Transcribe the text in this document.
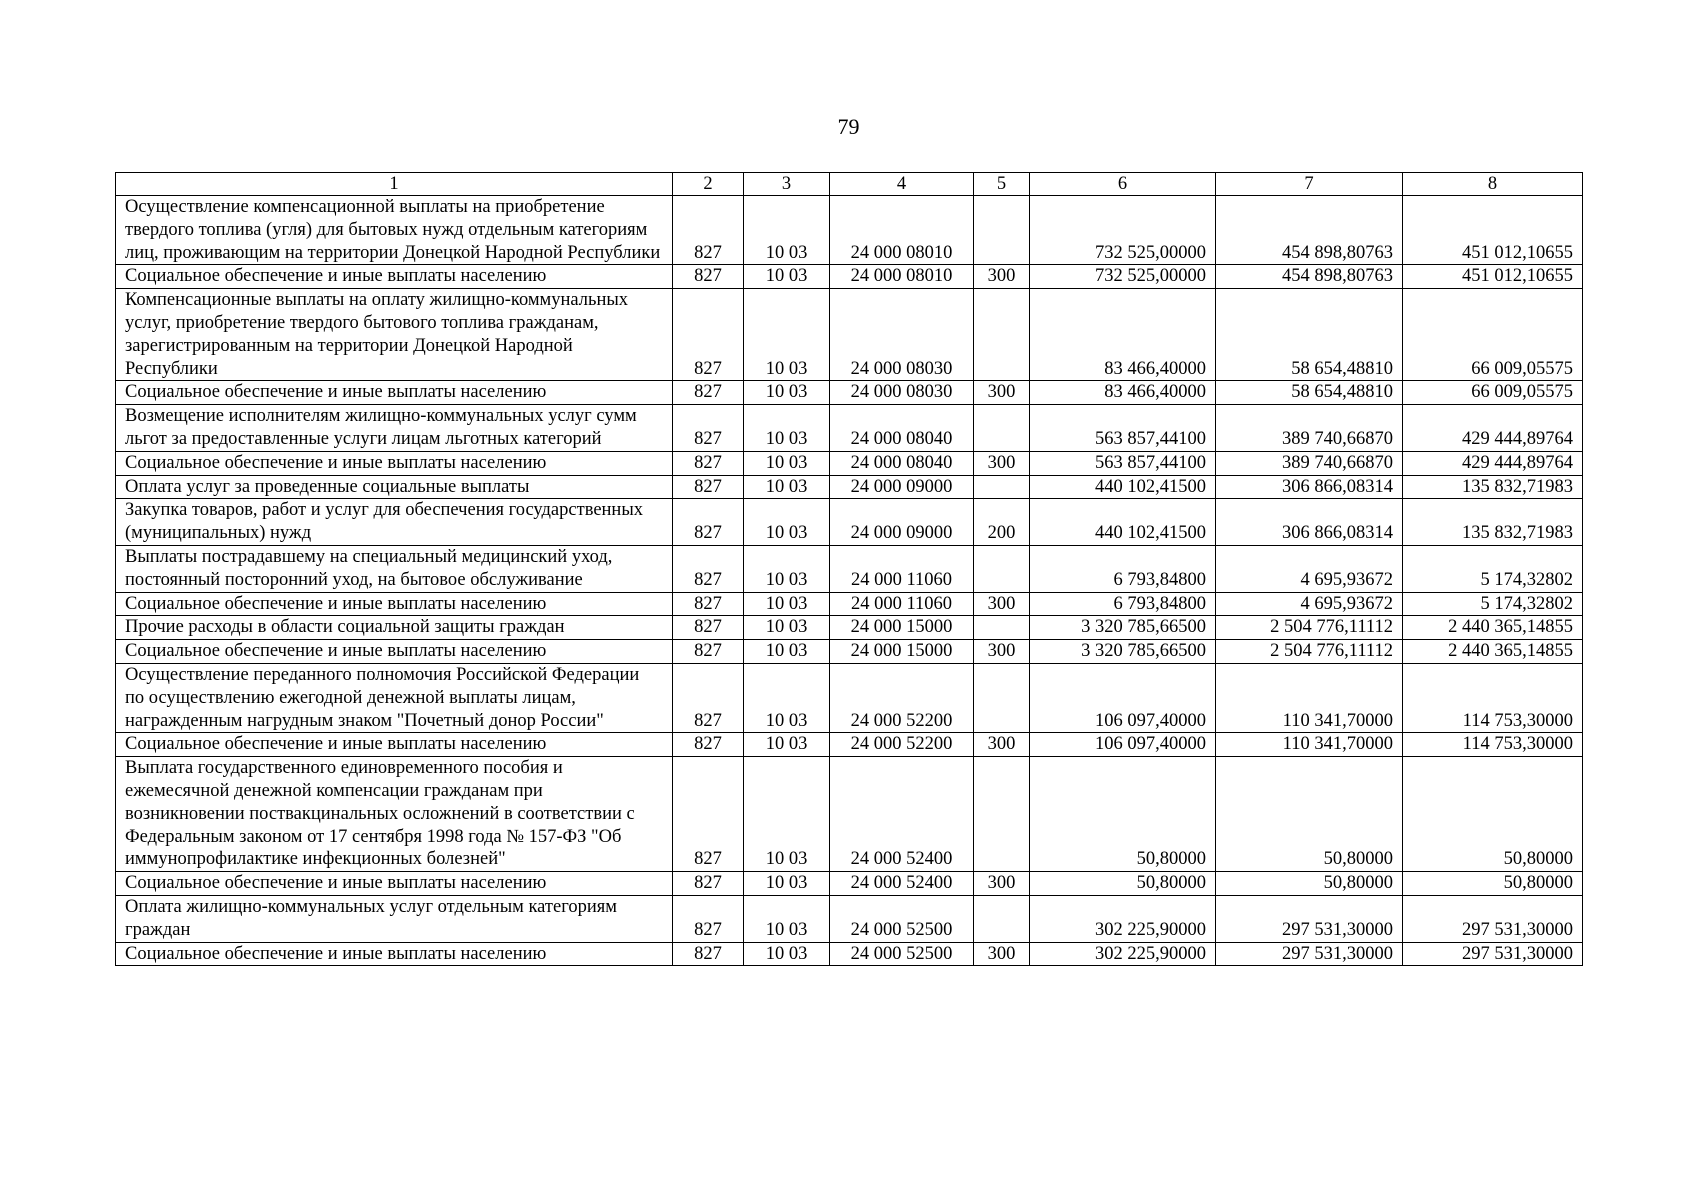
79
1	2	3	4	5	6	7	8
Осуществление компенсационной выплаты на приобретение твердого топлива (угля) для бытовых нужд отдельным категориям лиц, проживающим на территории Донецкой Народной Республики	827	10 03	24 000 08010		732 525,00000	454 898,80763	451 012,10655
Социальное обеспечение и иные выплаты населению	827	10 03	24 000 08010	300	732 525,00000	454 898,80763	451 012,10655
Компенсационные выплаты на оплату жилищно-коммунальных услуг, приобретение твердого бытового топлива гражданам, зарегистрированным на территории Донецкой Народной Республики	827	10 03	24 000 08030		83 466,40000	58 654,48810	66 009,05575
Социальное обеспечение и иные выплаты населению	827	10 03	24 000 08030	300	83 466,40000	58 654,48810	66 009,05575
Возмещение исполнителям жилищно-коммунальных услуг сумм льгот за предоставленные услуги лицам льготных категорий	827	10 03	24 000 08040		563 857,44100	389 740,66870	429 444,89764
Социальное обеспечение и иные выплаты населению	827	10 03	24 000 08040	300	563 857,44100	389 740,66870	429 444,89764
Оплата услуг за проведенные социальные выплаты	827	10 03	24 000 09000		440 102,41500	306 866,08314	135 832,71983
Закупка товаров, работ и услуг для обеспечения государственных (муниципальных) нужд	827	10 03	24 000 09000	200	440 102,41500	306 866,08314	135 832,71983
Выплаты пострадавшему на специальный медицинский уход, постоянный посторонний уход, на бытовое обслуживание	827	10 03	24 000 11060		6 793,84800	4 695,93672	5 174,32802
Социальное обеспечение и иные выплаты населению	827	10 03	24 000 11060	300	6 793,84800	4 695,93672	5 174,32802
Прочие расходы в области социальной защиты граждан	827	10 03	24 000 15000		3 320 785,66500	2 504 776,11112	2 440 365,14855
Социальное обеспечение и иные выплаты населению	827	10 03	24 000 15000	300	3 320 785,66500	2 504 776,11112	2 440 365,14855
Осуществление переданного полномочия Российской Федерации по осуществлению ежегодной денежной выплаты лицам, награжденным нагрудным знаком "Почетный донор России"	827	10 03	24 000 52200		106 097,40000	110 341,70000	114 753,30000
Социальное обеспечение и иные выплаты населению	827	10 03	24 000 52200	300	106 097,40000	110 341,70000	114 753,30000
Выплата государственного единовременного пособия и ежемесячной денежной компенсации гражданам при возникновении поствакцинальных осложнений в соответствии с Федеральным законом от 17 сентября 1998 года № 157-ФЗ "Об иммунопрофилактике инфекционных болезней"	827	10 03	24 000 52400		50,80000	50,80000	50,80000
Социальное обеспечение и иные выплаты населению	827	10 03	24 000 52400	300	50,80000	50,80000	50,80000
Оплата жилищно-коммунальных услуг отдельным категориям граждан	827	10 03	24 000 52500		302 225,90000	297 531,30000	297 531,30000
Социальное обеспечение и иные выплаты населению	827	10 03	24 000 52500	300	302 225,90000	297 531,30000	297 531,30000
